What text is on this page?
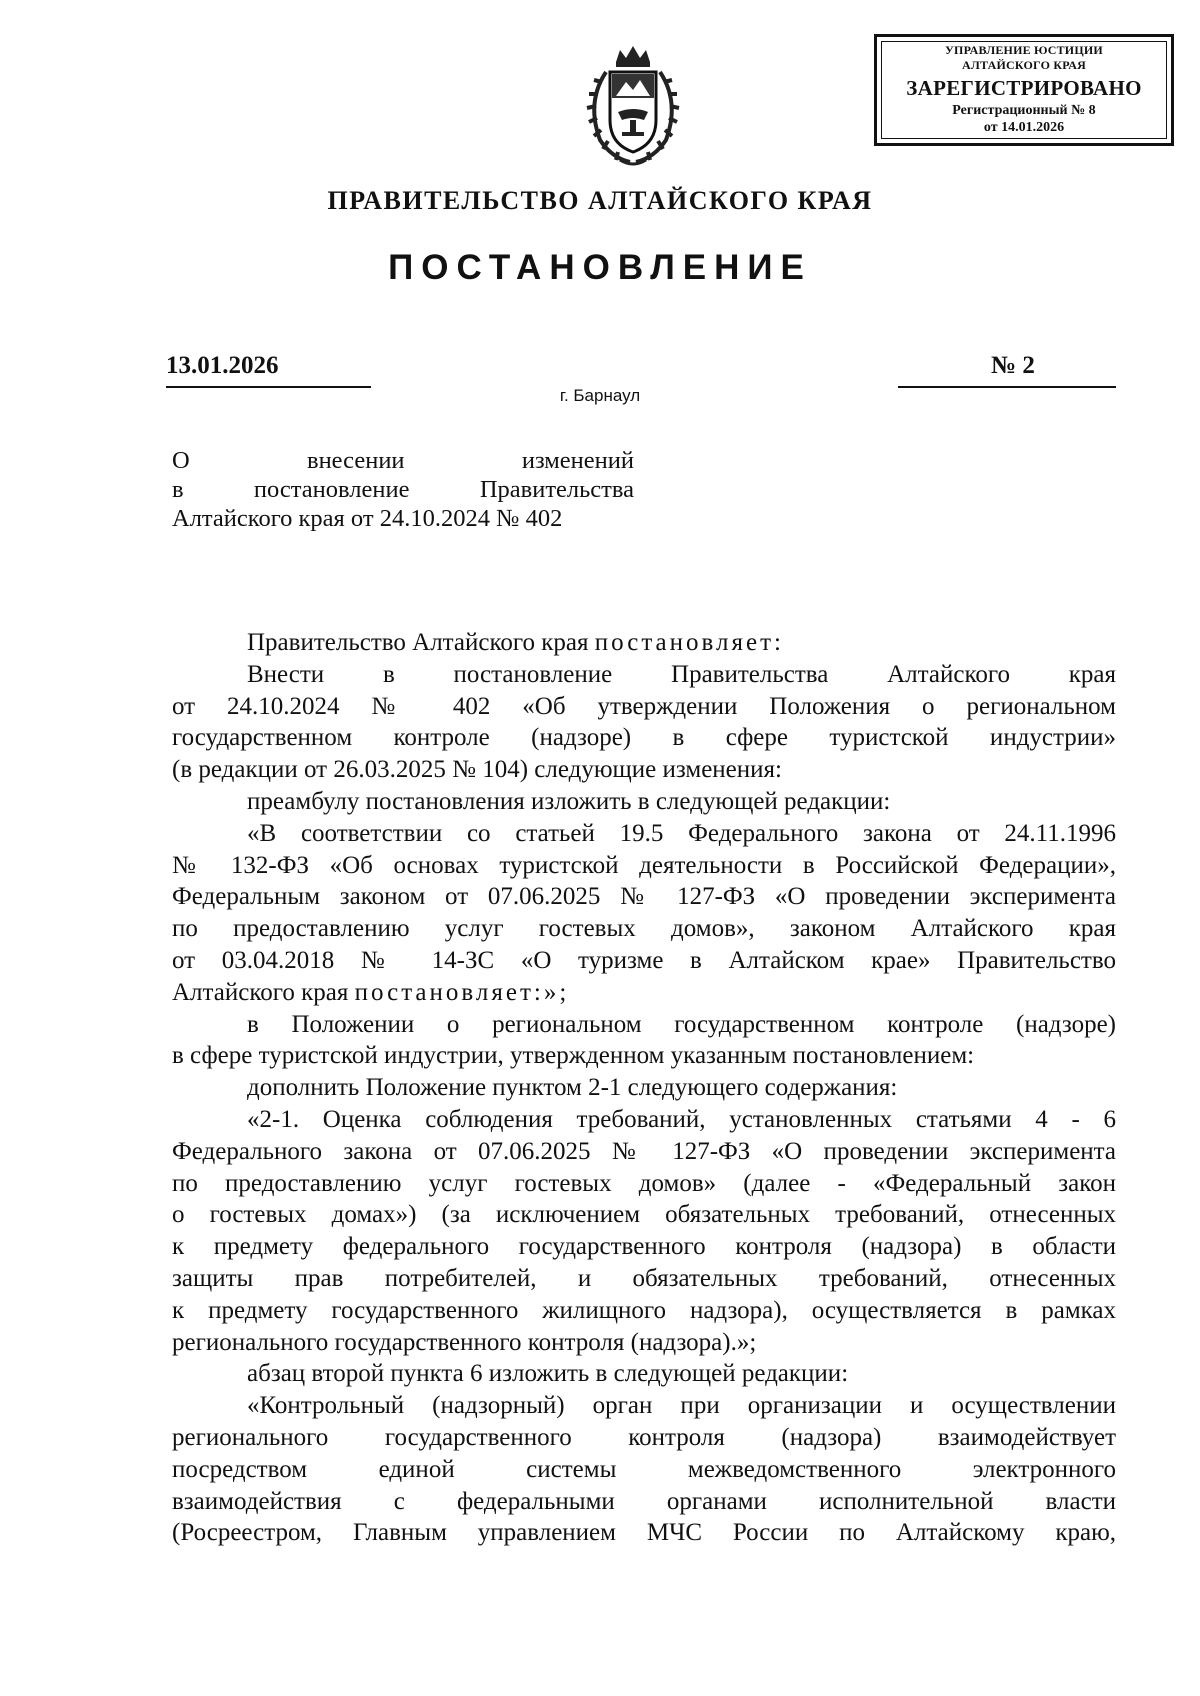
УПРАВЛЕНИЕ ЮСТИЦИИ
АЛТАЙСКОГО КРАЯ
ЗАРЕГИСТРИРОВАНО
Регистрационный № 8
от 14.01.2026
ПРАВИТЕЛЬСТВО АЛТАЙСКОГО КРАЯ
ПОСТАНОВЛЕНИЕ
13.01.2026	№ 2
г. Барнаул
О внесении изменений
в постановление Правительства
Алтайского края от 24.10.2024 № 402
Правительство Алтайского края постановляет:
Внести в постановление Правительства Алтайского края
от 24.10.2024 № 402 «Об утверждении Положения о региональном
государственном контроле (надзоре) в сфере туристской индустрии»
(в редакции от 26.03.2025 № 104) следующие изменения:
преамбулу постановления изложить в следующей редакции:
«В соответствии со статьей 19.5 Федерального закона от 24.11.1996
№ 132-ФЗ «Об основах туристской деятельности в Российской Федерации»,
Федеральным законом от 07.06.2025 № 127-ФЗ «О проведении эксперимента
по предоставлению услуг гостевых домов», законом Алтайского края
от 03.04.2018 № 14-ЗС «О туризме в Алтайском крае» Правительство
Алтайского края постановляет:»;
в Положении о региональном государственном контроле (надзоре)
в сфере туристской индустрии, утвержденном указанным постановлением:
дополнить Положение пунктом 2-1 следующего содержания:
«2-1. Оценка соблюдения требований, установленных статьями 4 - 6
Федерального закона от 07.06.2025 № 127-ФЗ «О проведении эксперимента
по предоставлению услуг гостевых домов» (далее - «Федеральный закон
о гостевых домах») (за исключением обязательных требований, отнесенных
к предмету федерального государственного контроля (надзора) в области
защиты прав потребителей, и обязательных требований, отнесенных
к предмету государственного жилищного надзора), осуществляется в рамках
регионального государственного контроля (надзора).»;
абзац второй пункта 6 изложить в следующей редакции:
«Контрольный (надзорный) орган при организации и осуществлении
регионального государственного контроля (надзора) взаимодействует
посредством единой системы межведомственного электронного
взаимодействия с федеральными органами исполнительной власти
(Росреестром, Главным управлением МЧС России по Алтайскому краю,
